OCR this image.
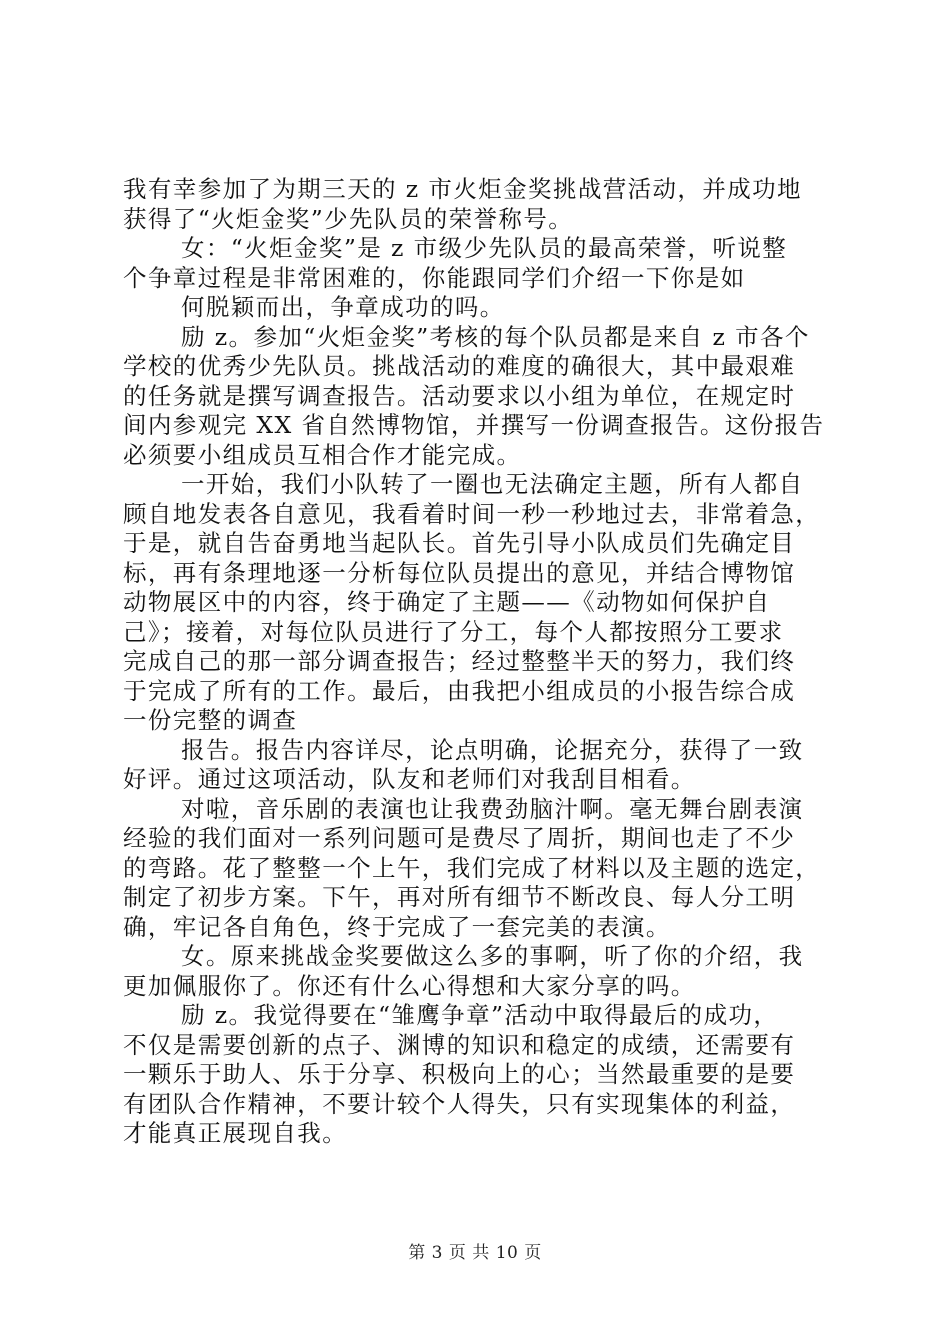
我有幸参加了为期三天的 z 市火炬金奖挑战营活动，并成功地
获得了“火炬金奖”少先队员的荣誉称号。
女：“火炬金奖”是 z 市级少先队员的最高荣誉，听说整
个争章过程是非常困难的，你能跟同学们介绍一下你是如
何脱颖而出，争章成功的吗。
励 z。参加“火炬金奖”考核的每个队员都是来自 z 市各个
学校的优秀少先队员。挑战活动的难度的确很大，其中最艰难
的任务就是撰写调查报告。活动要求以小组为单位，在规定时
间内参观完 XX 省自然博物馆，并撰写一份调查报告。这份报告
必须要小组成员互相合作才能完成。
一开始，我们小队转了一圈也无法确定主题，所有人都自
顾自地发表各自意见，我看着时间一秒一秒地过去，非常着急，
于是，就自告奋勇地当起队长。首先引导小队成员们先确定目
标，再有条理地逐一分析每位队员提出的意见，并结合博物馆
动物展区中的内容，终于确定了主题——《动物如何保护自
己》；接着，对每位队员进行了分工，每个人都按照分工要求
完成自己的那一部分调查报告；经过整整半天的努力，我们终
于完成了所有的工作。最后，由我把小组成员的小报告综合成
一份完整的调查
报告。报告内容详尽，论点明确，论据充分，获得了一致
好评。通过这项活动，队友和老师们对我刮目相看。
对啦，音乐剧的表演也让我费劲脑汁啊。毫无舞台剧表演
经验的我们面对一系列问题可是费尽了周折，期间也走了不少
的弯路。花了整整一个上午，我们完成了材料以及主题的选定，
制定了初步方案。下午，再对所有细节不断改良、每人分工明
确，牢记各自角色，终于完成了一套完美的表演。
女。原来挑战金奖要做这么多的事啊，听了你的介绍，我
更加佩服你了。你还有什么心得想和大家分享的吗。
励 z。我觉得要在“雏鹰争章”活动中取得最后的成功，
不仅是需要创新的点子、渊博的知识和稳定的成绩，还需要有
一颗乐于助人、乐于分享、积极向上的心；当然最重要的是要
有团队合作精神，不要计较个人得失，只有实现集体的利益，
才能真正展现自我。
第 3 页 共 10 页
